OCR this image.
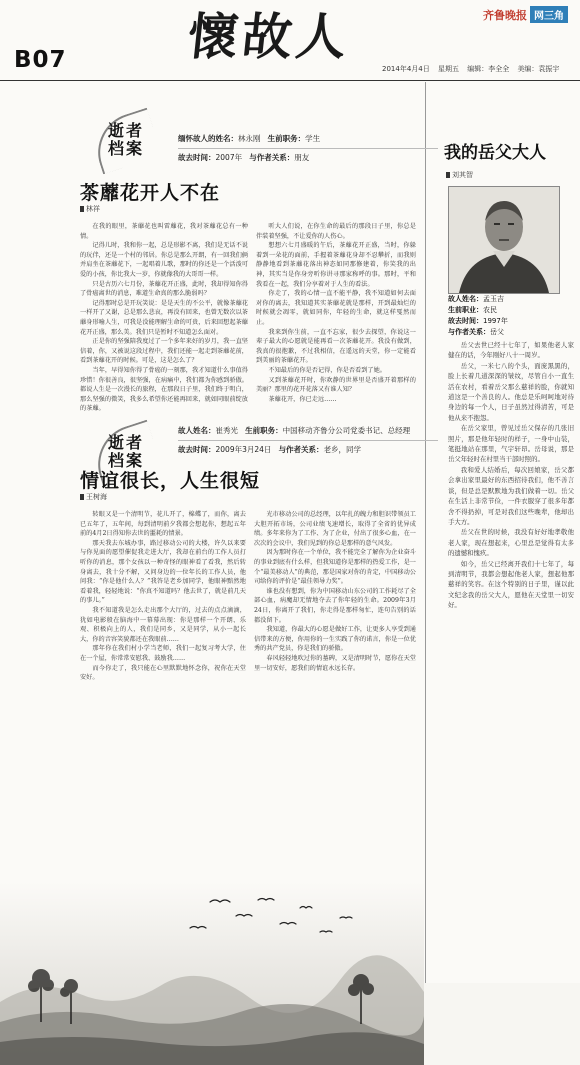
B07 懷故人	齐鲁晚报 网三角
2014年4月4日 星期五 编辑：李全全 美编：袁振宇
逝者
档案
缅怀故人的姓名：林永刚 生前职务：学生
故去时间：2007年 与作者关系：朋友
茶蘼花开人不在
林祥

在我的眼里，茶蘼花也叫雷蘼花，我对茶蘼花总有一种情。

记得儿时，我和你一起，总是形影不离，我们是无话不说的玩伴，还是一个村的邻居。你总是那么开朗，有一回我们俩并肩坐在茶蘼花下，一起唱着儿歌，那时的你还是一个活泼可爱的小孩，你比我大一岁，你就像我的大哥哥一样。

只是古历六七月份，茶蘼花开正盛，此时，我却得知你得了骨癌离世的消息，难道生命真的那么脆弱吗？

记得那时总是开玩笑说：是是天生的不公平，就像茶蘼花一样开了又谢，总是那么悲哀，再没有回来，也曾无数次以茶蘼身形喻人生，可我是没能理解生命的可贵，后来回想起茶蘼花开正盛，那么美。我们只是暂时不知道怎么面对。

正是你的坚强陪我度过了一个多年来好的岁月，我一直坚信着，你，又被说这段过程中，我们还能一起走到茶蘼花前，看到茶蘼花开的时候。可是，这是怎么了？

当年，早得知你得了骨癌的一刻那，我才知道什么事值得珍惜！你很善良，很坚强，在病痛中，我们都为你感到骄傲。都说人生是一次漫长的旅程，在那段日子里，我们终于明白，那么坚强的微笑，我多么希望你还能再回来，就如同眼前绽放的茶蘼。

听大人们说，在你生命的最后的那段日子里，你总是伴装着坚强，不让爱你的人伤心。

想想六七月盛暖的午后，茶蘼花开正盛，当时，你躲着到一朵花的面前，手握着茶蘼花身却不忍攀折，而我则静静地看到茶蘼花落出神态如同那修建着，你笑我的出神，其实当是你身旁听你讲寻那家称呼的事。那时，平和我看在一起，我们分享着对于人生的看法。

你走了，我的心情一直不能平静，我不知道如何去面对你的离去，我知道其实茶蘼花就是那样，开到最灿烂的时候就会凋零，就如同你，年轻的生命，就这样戛然而止。

我来到你生前，一直不忘家，很少去探望，你说这一辈子最大的心愿就是能再看一次茶蘼花开。我没有做到，我真的很抱歉，不过我相信，在遥远的天堂，你一定能看到美丽的茶蘼花开。

不知最后的你是否记得，你是否看到了她。

又到茶蘼花开时，你欢静的世界里是否盛开着那样的美丽？那里的花开花落又有谁人知？

茶蘼花开，你已走远……

逝者
档案
故人姓名：崔秀光 生前职务：中国移动齐鲁分公司党委书记、总经理
故去时间：2009年3月24日 与作者关系：老乡，同学
情谊很长，人生很短
王树海

转眼又是一个清明节，花儿开了，棉蝶了，而你，离去已五年了，五年间，每到清明前夕我都会想起你，想起五年前的4月2日得知你去世的噩耗的情景。

那天我去东城办事，路过移动公司的大楼，许久以来要与你见面的愿望催促我走进大厅，我却在前台的工作人员打听你的消息，那个女孩以一种奇怪的眼神看了看我，然后转身离去，我十分不解，又问身边的一位年长的工作人员，他问我：“你是他什么人？”我答是老乡加同学，他眼神黯然地看着我，轻轻地说：“你真不知道吗？他去世了，就是前几天的事儿。”

我不知道我是怎么走出那个大厅的，过去的点点滴滴，犹如电影般在脑海中一幕幕出现：你是那样一个开朗、乐观、积极向上的人，我们是同乡，又是同学，从小一起长大，你的音容笑貌都还在我眼前……

那年你在我们村小学当老师，我们一起复习考大学，住在一个屋，你常常安慰我、鼓励我……

而今你走了，我只能在心里默默地怀念你，祝你在天堂安好。

光市移动公司的总经理，以年扎的魄力和胆识带领员工大胆开拓市场，公司业绩飞速增长，取得了全省的优异成绩。多年来你为了工作、为了企业，付出了很多心血，在一次次的会议中，我们见到的你总是那样的意气风发。

因为那时你在一个单位，我不能完全了解你为企业奋斗的事业到底有什么样，但我知道你是那样的热爱工作，是一个“最美移动人”的典范，那是国家对你的肯定，中国移动公司给你的评价是“最佳领导力奖”。

谁也没有想到，你为中国移动山东公司的工作耗尽了全部心血，病魔却无情地夺去了你年轻的生命。2009年3月24日，你离开了我们，你走得是那样匆忙，连句告别的话都没留下。

我知道，你最大的心愿是做好工作，让更多人享受到通信带来的方便，你用你的一生实践了你的诺言，你是一位优秀的共产党员，你是我们的骄傲。

春风轻轻地吹过你的墓碑，又是清明时节，愿你在天堂里一切安好，愿我们的情谊永远长存。

我的岳父大人
刘其智
故人姓名：孟玉吉
生前职业：农民
故去时间：1997年
与作者关系：岳父

岳父去世已经十七年了，如果他老人家健在的话，今年刚好八十一周岁。

岳父，一米七八的个头，面庞黑黑的，脸上长着几道深深的皱纹，尽管自小一直生活在农村，看着岳父那么慈祥的脸，你就知道这是一个善良的人。他总是乐呵呵地对待身边的每一个人，日子虽然过得清苦，可是他从来不抱怨。

在岳父家里，曾见过岳父保存的几张旧照片，那是他年轻时的样子，一身中山装，笔挺地站在那里，气宇轩昂。岳母说，那是岳父年轻时在村里当干部时照的。

我和爱人结婚后，每次回娘家，岳父都会拿出家里最好的东西招待我们，他不善言谈，但是总是默默地为我们做着一切。岳父在生活上非常节俭，一件衣服穿了很多年都舍不得扔掉，可是对我们这些晚辈，他却出手大方。

岳父在世的时候，我没有好好地孝敬他老人家，现在想起来，心里总是觉得有太多的遗憾和愧疚。

如今，岳父已经离开我们十七年了，每到清明节，我都会想起他老人家，想起他那慈祥的笑容。在这个特别的日子里，谨以此文纪念我的岳父大人，愿他在天堂里一切安好。
